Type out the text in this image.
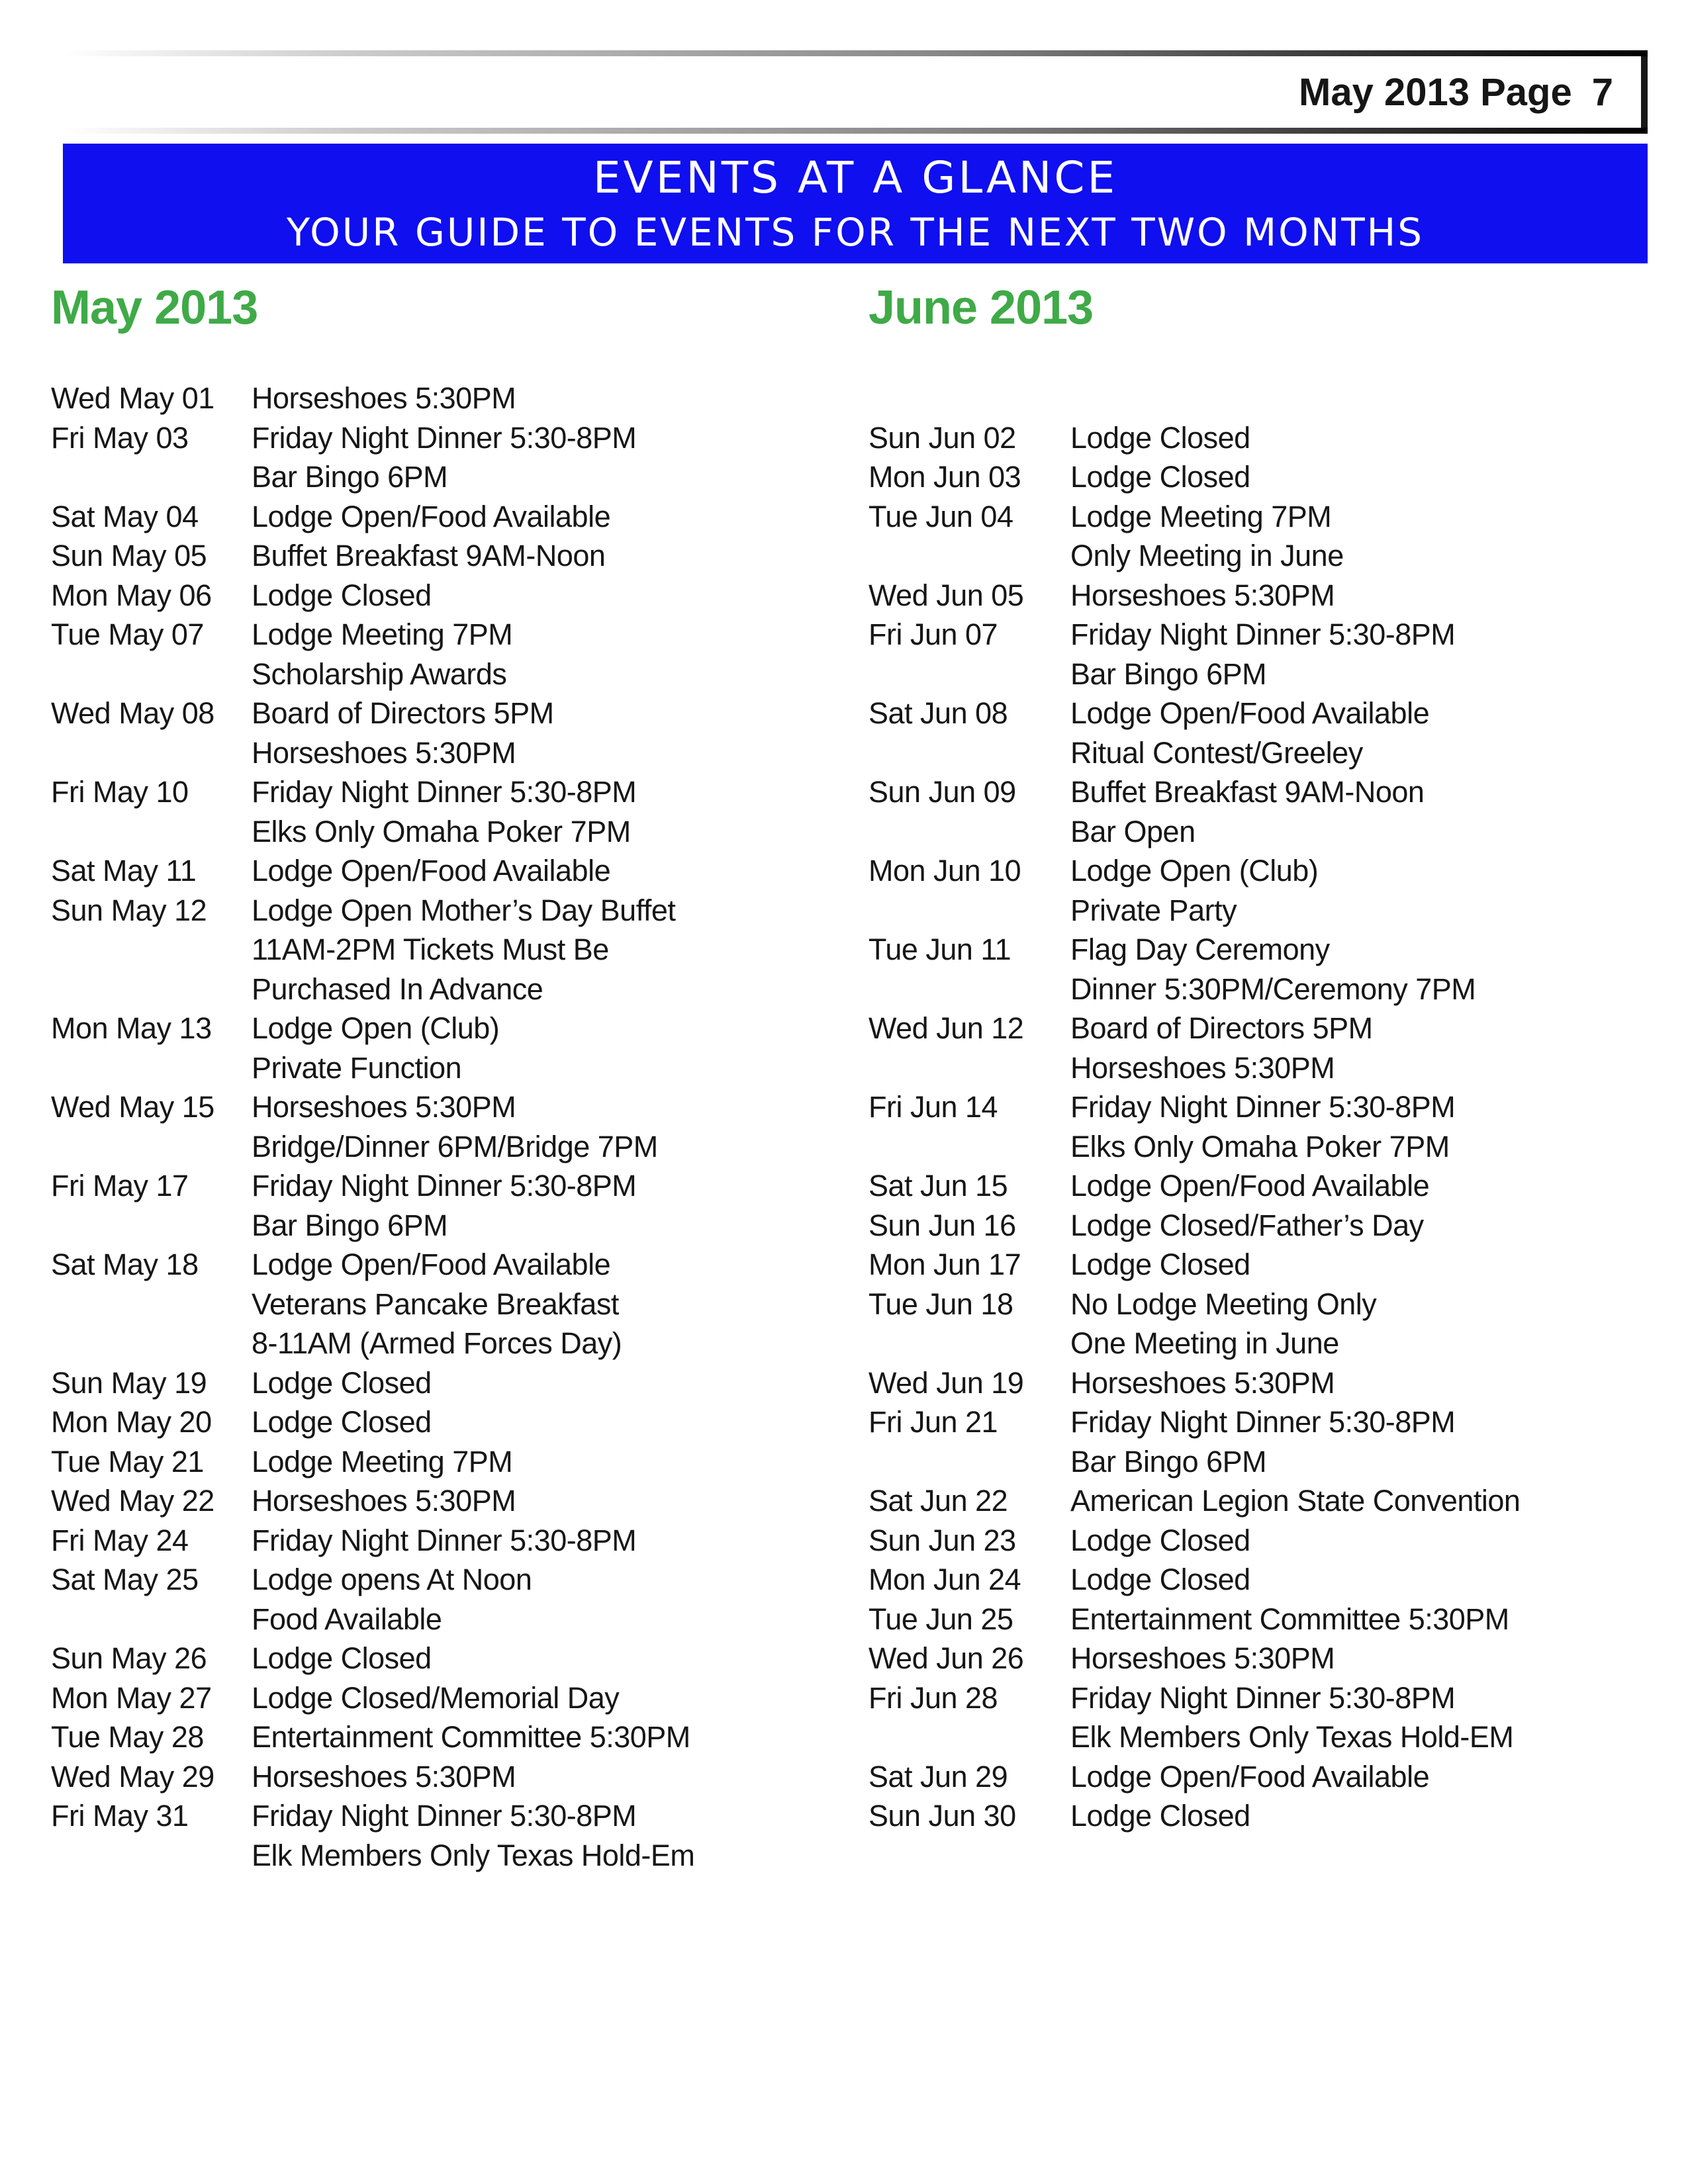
May 2013 Page 7
EVENTS AT A GLANCE
YOUR GUIDE TO EVENTS FOR THE NEXT TWO MONTHS
May 2013	June 2013
Wed May 01	Horseshoes 5:30PM
Fri May 03	Friday Night Dinner 5:30-8PM
Bar Bingo 6PM
Sat May 04	Lodge Open/Food Available
Sun May 05	Buffet Breakfast 9AM-Noon
Mon May 06	Lodge Closed
Tue May 07	Lodge Meeting 7PM
Scholarship Awards
Wed May 08	Board of Directors 5PM
Horseshoes 5:30PM
Fri May 10	Friday Night Dinner 5:30-8PM
Elks Only Omaha Poker 7PM
Sat May 11	Lodge Open/Food Available
Sun May 12	Lodge Open Mother’s Day Buffet
11AM-2PM Tickets Must Be
Purchased In Advance
Mon May 13	Lodge Open (Club)
Private Function
Wed May 15	Horseshoes 5:30PM
Bridge/Dinner 6PM/Bridge 7PM
Fri May 17	Friday Night Dinner 5:30-8PM
Bar Bingo 6PM
Sat May 18	Lodge Open/Food Available
Veterans Pancake Breakfast
8-11AM (Armed Forces Day)
Sun May 19	Lodge Closed
Mon May 20	Lodge Closed
Tue May 21	Lodge Meeting 7PM
Wed May 22	Horseshoes 5:30PM
Fri May 24	Friday Night Dinner 5:30-8PM
Sat May 25	Lodge opens At Noon
Food Available
Sun May 26	Lodge Closed
Mon May 27	Lodge Closed/Memorial Day
Tue May 28	Entertainment Committee 5:30PM
Wed May 29	Horseshoes 5:30PM
Fri May 31	Friday Night Dinner 5:30-8PM
Elk Members Only Texas Hold-Em
Sun Jun 02	Lodge Closed
Mon Jun 03	Lodge Closed
Tue Jun 04	Lodge Meeting 7PM
Only Meeting in June
Wed Jun 05	Horseshoes 5:30PM
Fri Jun 07	Friday Night Dinner 5:30-8PM
Bar Bingo 6PM
Sat Jun 08	Lodge Open/Food Available
Ritual Contest/Greeley
Sun Jun 09	Buffet Breakfast 9AM-Noon
Bar Open
Mon Jun 10	Lodge Open (Club)
Private Party
Tue Jun 11	Flag Day Ceremony
Dinner 5:30PM/Ceremony 7PM
Wed Jun 12	Board of Directors 5PM
Horseshoes 5:30PM
Fri Jun 14	Friday Night Dinner 5:30-8PM
Elks Only Omaha Poker 7PM
Sat Jun 15	Lodge Open/Food Available
Sun Jun 16	Lodge Closed/Father’s Day
Mon Jun 17	Lodge Closed
Tue Jun 18	No Lodge Meeting Only
One Meeting in June
Wed Jun 19	Horseshoes 5:30PM
Fri Jun 21	Friday Night Dinner 5:30-8PM
Bar Bingo 6PM
Sat Jun 22	American Legion State Convention
Sun Jun 23	Lodge Closed
Mon Jun 24	Lodge Closed
Tue Jun 25	Entertainment Committee 5:30PM
Wed Jun 26	Horseshoes 5:30PM
Fri Jun 28	Friday Night Dinner 5:30-8PM
Elk Members Only Texas Hold-EM
Sat Jun 29	Lodge Open/Food Available
Sun Jun 30	Lodge Closed
